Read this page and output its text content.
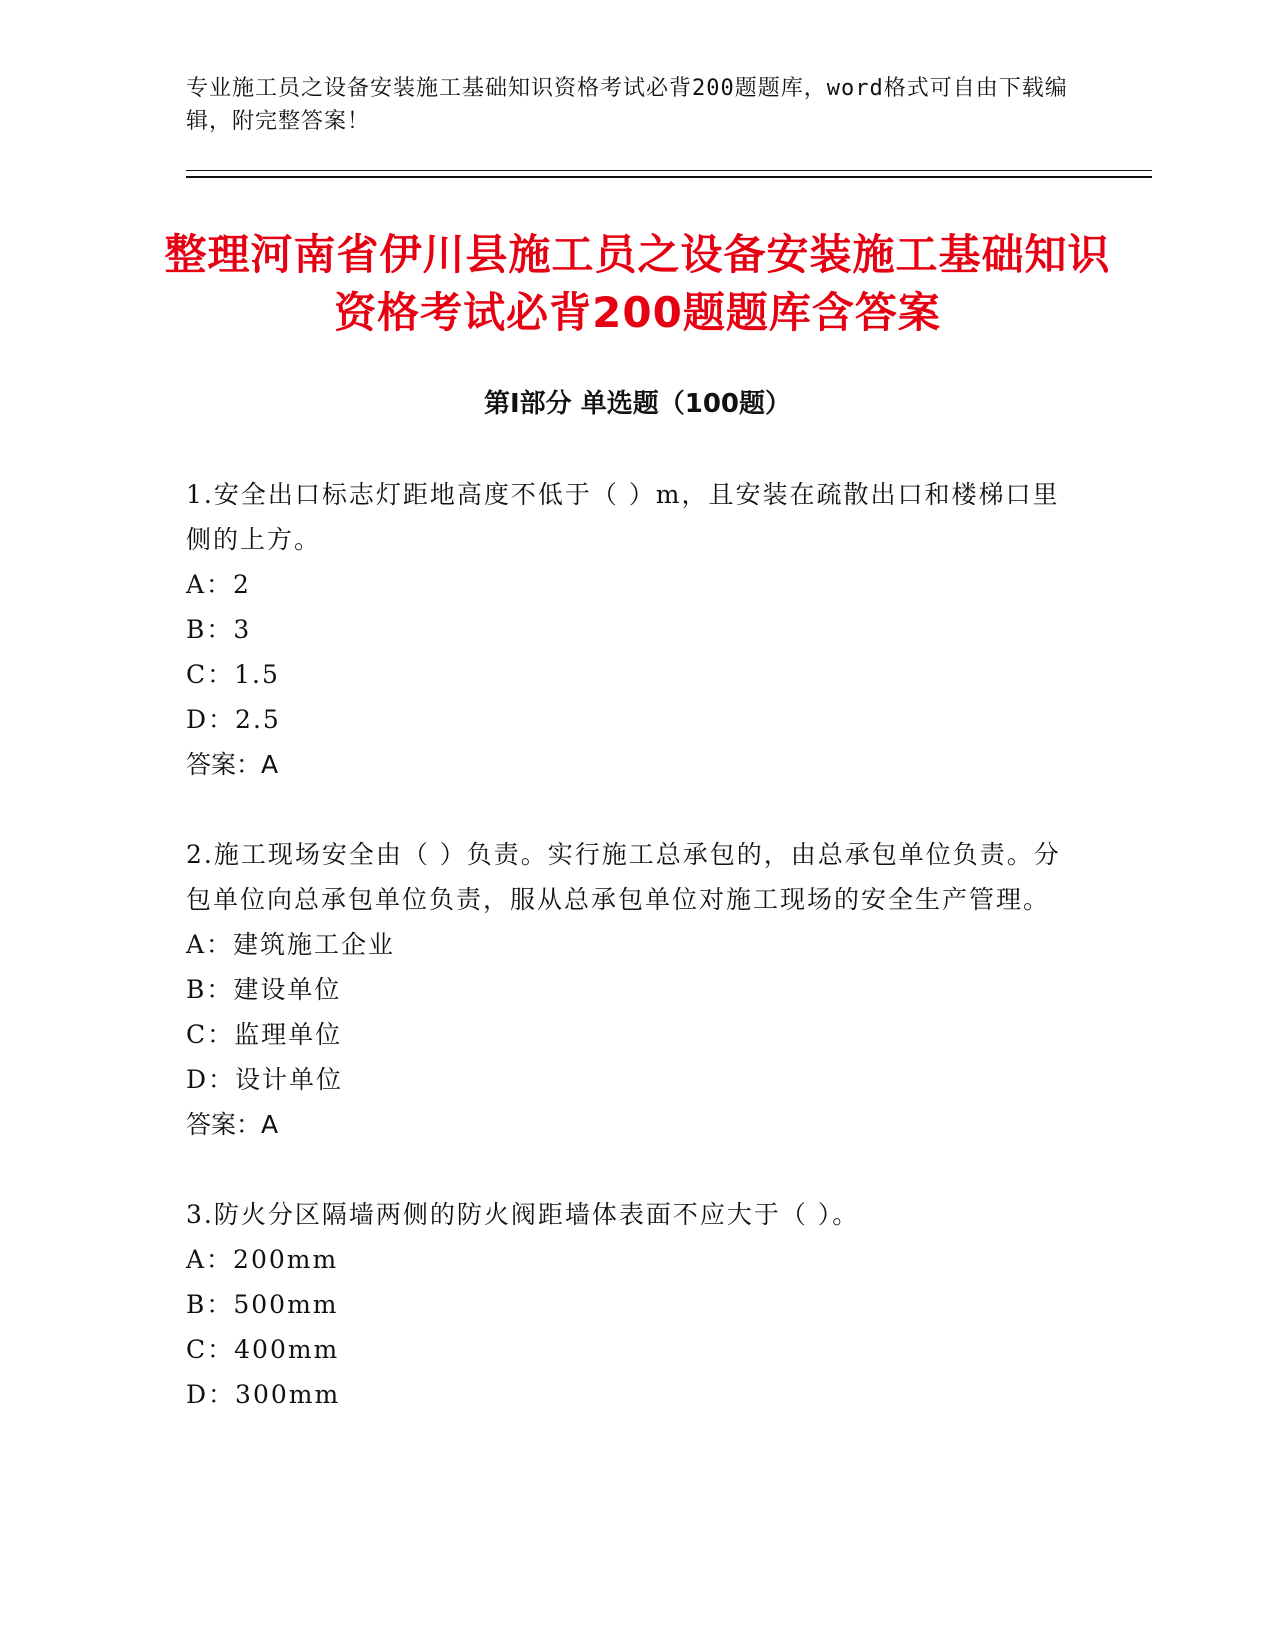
专业施工员之设备安装施工基础知识资格考试必背200题题库，word格式可自由下载编辑，附完整答案！
整理河南省伊川县施工员之设备安装施工基础知识资格考试必背200题题库含答案
第Ⅰ部分 单选题（100题）
1.安全出口标志灯距地高度不低于（ ）m，且安装在疏散出口和楼梯口里侧的上方。
A：2
B：3
C：1.5
D：2.5
答案：A
2.施工现场安全由（ ）负责。实行施工总承包的，由总承包单位负责。分包单位向总承包单位负责，服从总承包单位对施工现场的安全生产管理。
A：建筑施工企业
B：建设单位
C：监理单位
D：设计单位
答案：A
3.防火分区隔墙两侧的防火阀距墙体表面不应大于（ ）。
A：200mm
B：500mm
C：400mm
D：300mm
